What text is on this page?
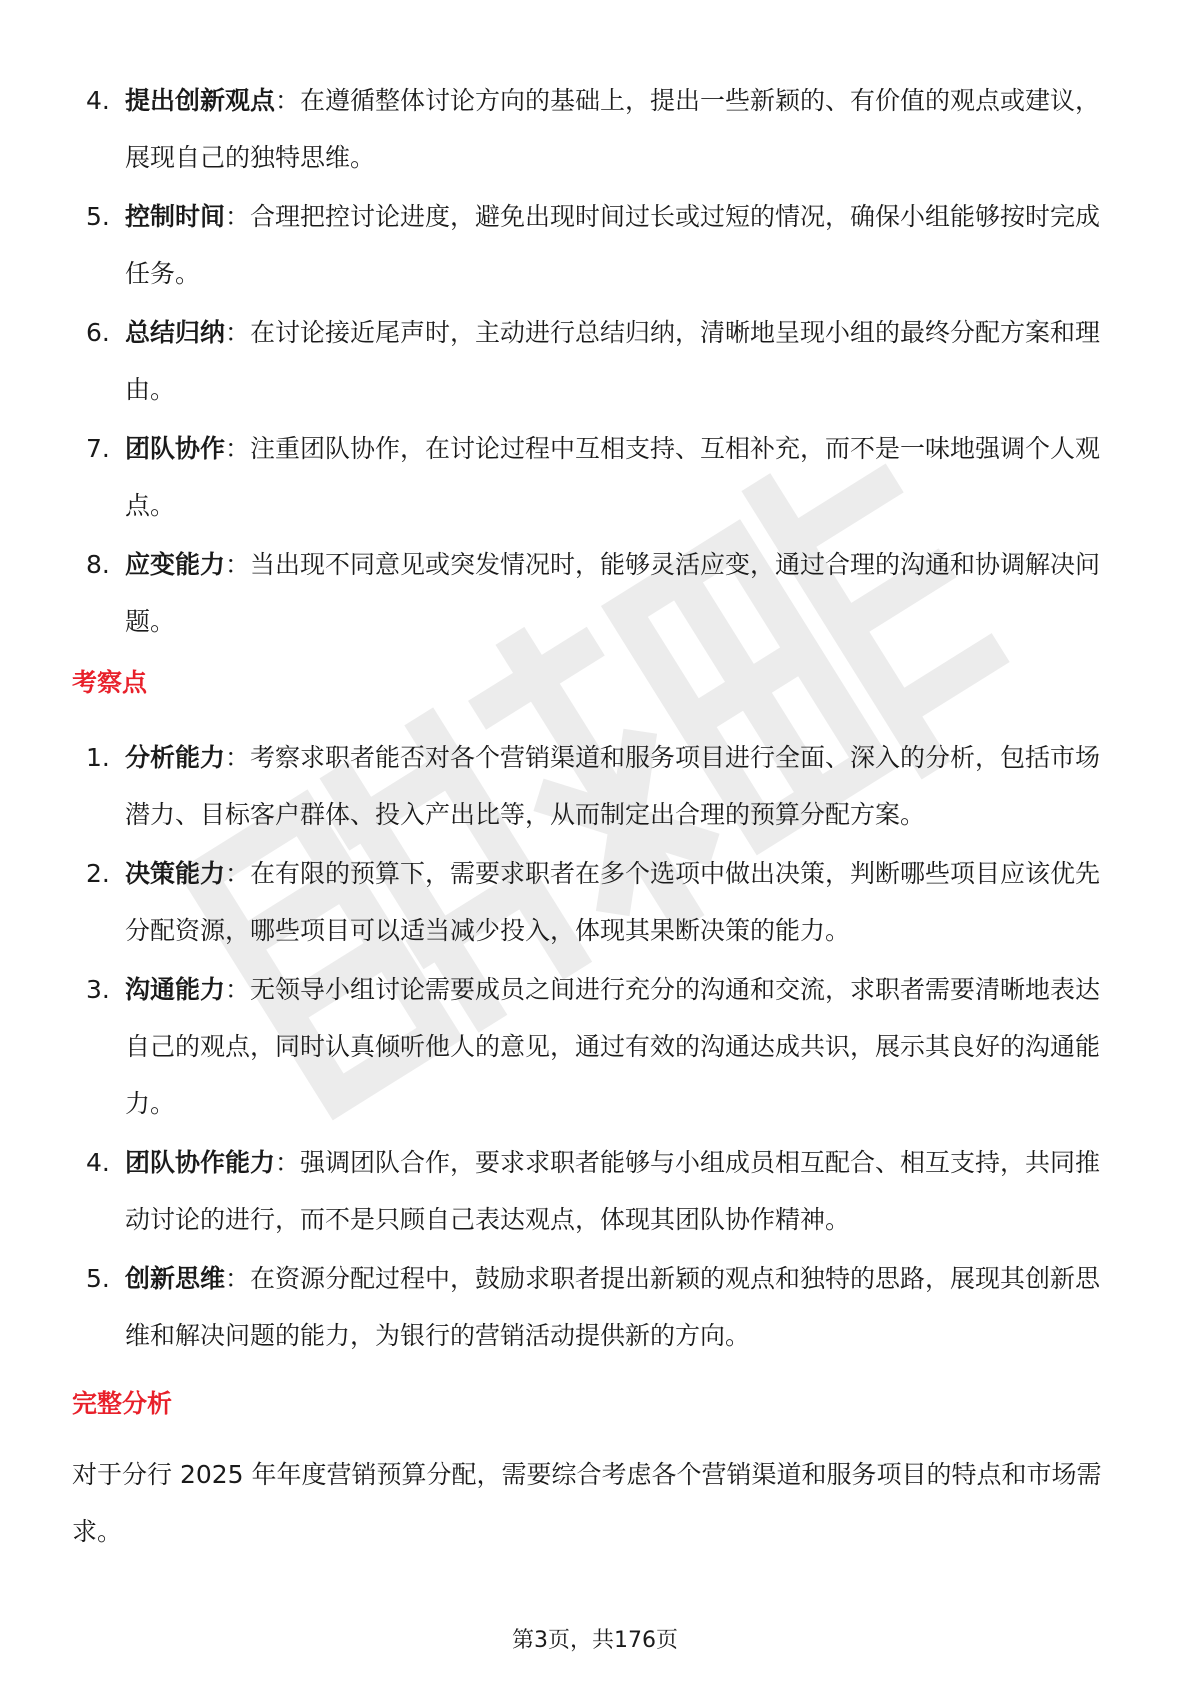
4. 提出创新观点：在遵循整体讨论方向的基础上，提出一些新颖的、有价值的观点或建议，展现自己的独特思维。
5. 控制时间：合理把控讨论进度，避免出现时间过长或过短的情况，确保小组能够按时完成任务。
6. 总结归纳：在讨论接近尾声时，主动进行总结归纳，清晰地呈现小组的最终分配方案和理由。
7. 团队协作：注重团队协作，在讨论过程中互相支持、互相补充，而不是一味地强调个人观点。
8. 应变能力：当出现不同意见或突发情况时，能够灵活应变，通过合理的沟通和协调解决问题。
考察点
1. 分析能力：考察求职者能否对各个营销渠道和服务项目进行全面、深入的分析，包括市场潜力、目标客户群体、投入产出比等，从而制定出合理的预算分配方案。
2. 决策能力：在有限的预算下，需要求职者在多个选项中做出决策，判断哪些项目应该优先分配资源，哪些项目可以适当减少投入，体现其果断决策的能力。
3. 沟通能力：无领导小组讨论需要成员之间进行充分的沟通和交流，求职者需要清晰地表达自己的观点，同时认真倾听他人的意见，通过有效的沟通达成共识，展示其良好的沟通能力。
4. 团队协作能力：强调团队合作，要求求职者能够与小组成员相互配合、相互支持，共同推动讨论的进行，而不是只顾自己表达观点，体现其团队协作精神。
5. 创新思维：在资源分配过程中，鼓励求职者提出新颖的观点和独特的思路，展现其创新思维和解决问题的能力，为银行的营销活动提供新的方向。
完整分析

对于分行 2025 年年度营销预算分配，需要综合考虑各个营销渠道和服务项目的特点和市场需求。

第3页，共176页
